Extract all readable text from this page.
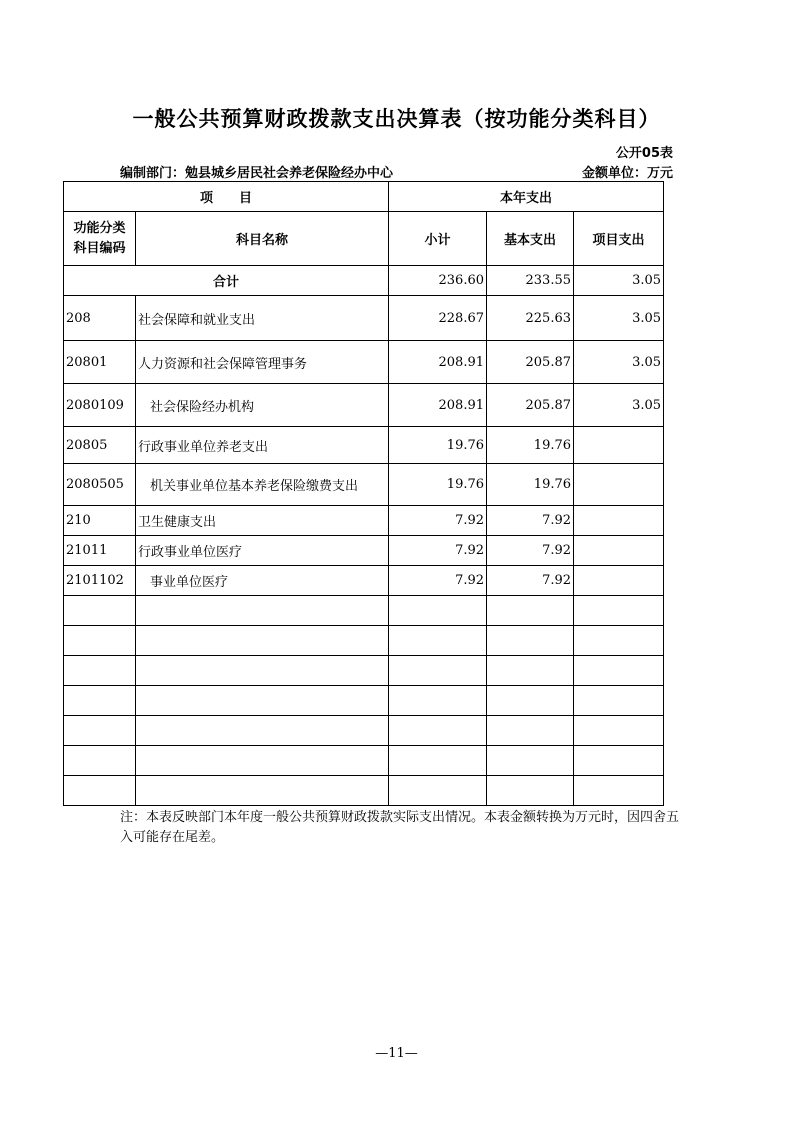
一般公共预算财政拨款支出决算表（按功能分类科目）
公开05表
编制部门：勉县城乡居民社会养老保险经办中心	金额单位：万元
项　　目		本年支出		
功能分类
科目编码	科目名称	小计	基本支出	项目支出
合计		236.60	233.55	3.05
208	社会保障和就业支出	228.67	225.63	3.05
20801	人力资源和社会保障管理事务	208.91	205.87	3.05
2080109	社会保险经办机构	208.91	205.87	3.05
20805	行政事业单位养老支出	19.76	19.76	
2080505	机关事业单位基本养老保险缴费支出	19.76	19.76	
210	卫生健康支出	7.92	7.92	
21011	行政事业单位医疗	7.92	7.92	
2101102	事业单位医疗	7.92	7.92	

注：本表反映部门本年度一般公共预算财政拨款实际支出情况。本表金额转换为万元时，因四舍五入可能存在尾差。
—11—
